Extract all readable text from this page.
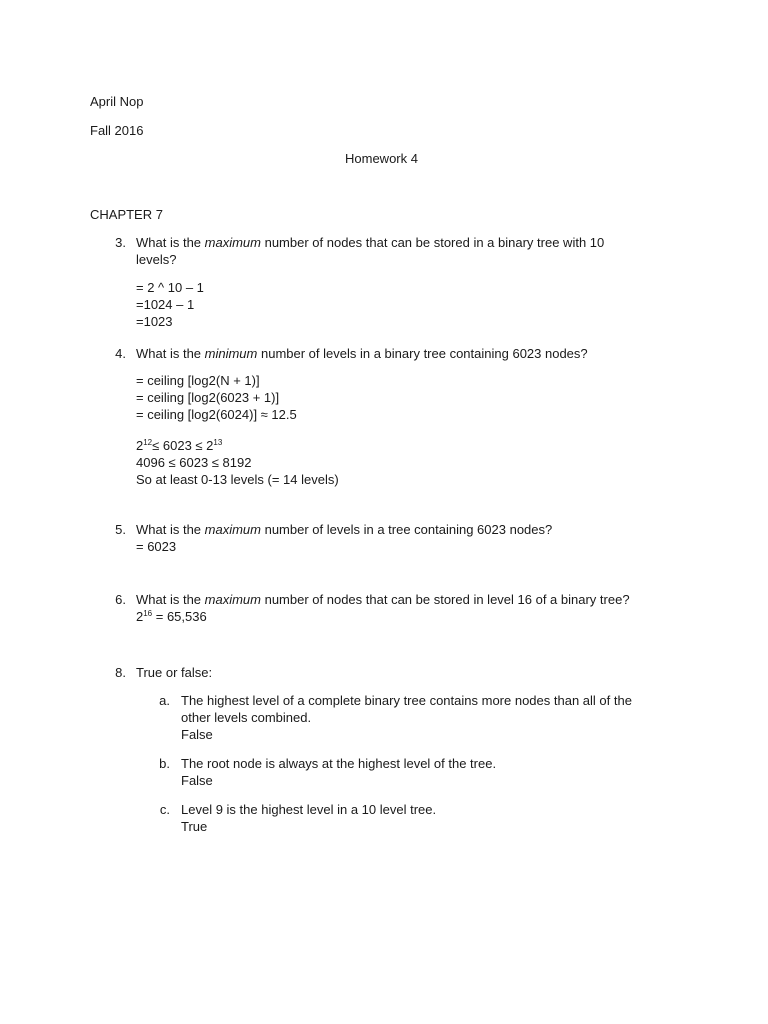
April Nop
Fall 2016
Homework 4
CHAPTER 7
3. What is the maximum number of nodes that can be stored in a binary tree with 10
levels?
= 2 ^ 10 – 1
=1024 – 1
=1023
4. What is the minimum number of levels in a binary tree containing 6023 nodes?
= ceiling [log2(N + 1)]
= ceiling [log2(6023 + 1)]
= ceiling [log2(6024)] ≈ 12.5
$2^{12}\le 6023 \le 2^{13}$
4096 ≤ 6023 ≤ 8192
So at least 0-13 levels (= 14 levels)
5. What is the maximum number of levels in a tree containing 6023 nodes?
= 6023
6. What is the maximum number of nodes that can be stored in level 16 of a binary tree?
$2^{16} = 65,536$
8. True or false:
a. The highest level of a complete binary tree contains more nodes than all of the
other levels combined.
False
b. The root node is always at the highest level of the tree.
False
c. Level 9 is the highest level in a 10 level tree.
True
